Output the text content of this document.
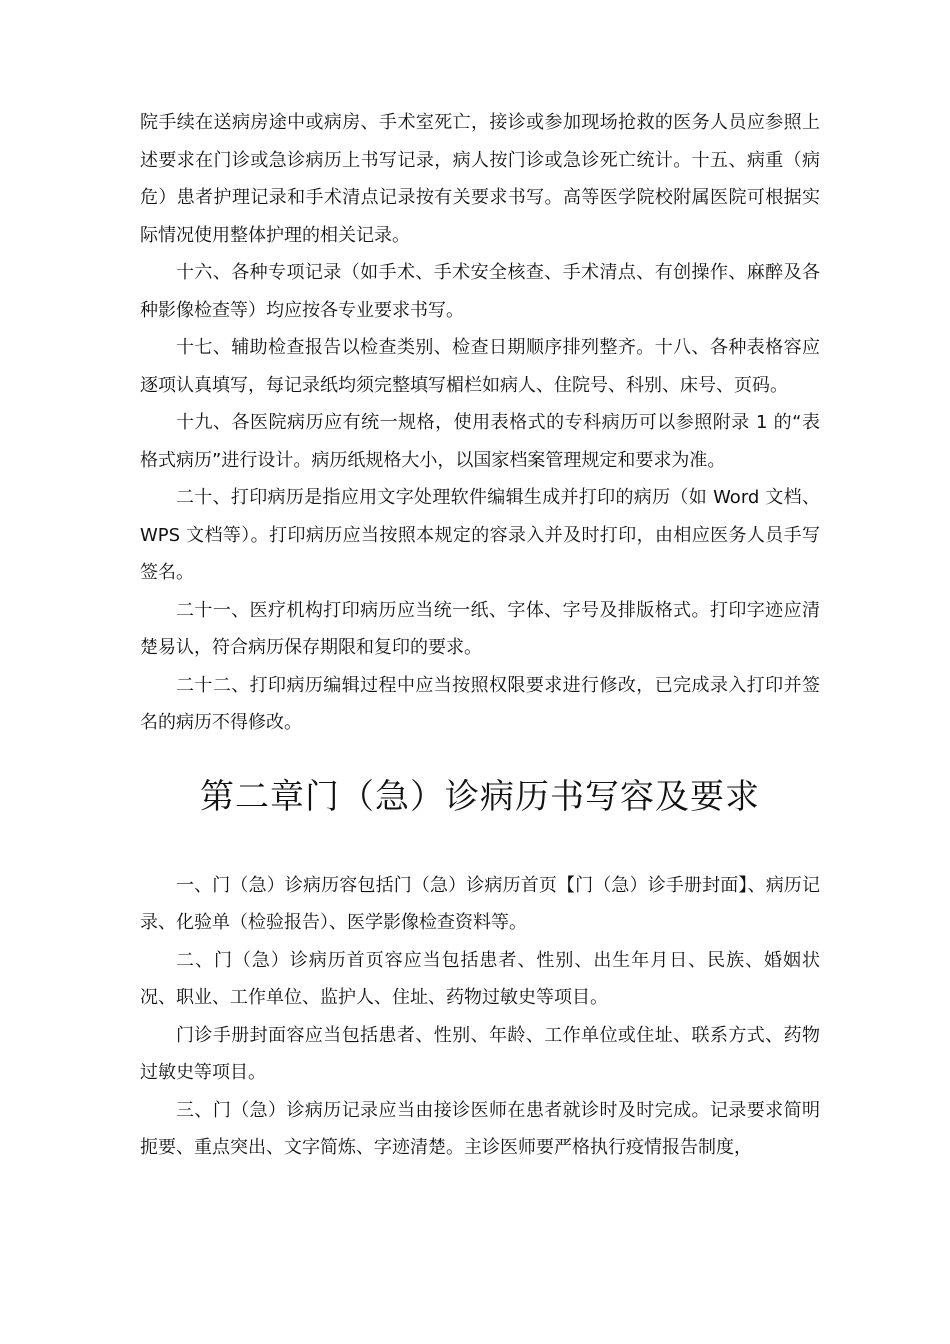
院手续在送病房途中或病房、手术室死亡，接诊或参加现场抢救的医务人员应参照上述要求在门诊或急诊病历上书写记录，病人按门诊或急诊死亡统计。十五、病重（病危）患者护理记录和手术清点记录按有关要求书写。高等医学院校附属医院可根据实际情况使用整体护理的相关记录。

十六、各种专项记录（如手术、手术安全核查、手术清点、有创操作、麻醉及各种影像检查等）均应按各专业要求书写。

十七、辅助检查报告以检查类别、检查日期顺序排列整齐。十八、各种表格容应逐项认真填写，每记录纸均须完整填写楣栏如病人、住院号、科别、床号、页码。

十九、各医院病历应有统一规格，使用表格式的专科病历可以参照附录 1 的“表格式病历”进行设计。病历纸规格大小，以国家档案管理规定和要求为准。

二十、打印病历是指应用文字处理软件编辑生成并打印的病历（如 Word 文档、WPS 文档等）。打印病历应当按照本规定的容录入并及时打印，由相应医务人员手写签名。

二十一、医疗机构打印病历应当统一纸、字体、字号及排版格式。打印字迹应清楚易认，符合病历保存期限和复印的要求。

二十二、打印病历编辑过程中应当按照权限要求进行修改，已完成录入打印并签名的病历不得修改。

第二章门（急）诊病历书写容及要求

一、门（急）诊病历容包括门（急）诊病历首页【门（急）诊手册封面】、病历记录、化验单（检验报告）、医学影像检查资料等。

二、门（急）诊病历首页容应当包括患者、性别、出生年月日、民族、婚姻状况、职业、工作单位、监护人、住址、药物过敏史等项目。

门诊手册封面容应当包括患者、性别、年龄、工作单位或住址、联系方式、药物过敏史等项目。

三、门（急）诊病历记录应当由接诊医师在患者就诊时及时完成。记录要求简明扼要、重点突出、文字简炼、字迹清楚。主诊医师要严格执行疫情报告制度，
